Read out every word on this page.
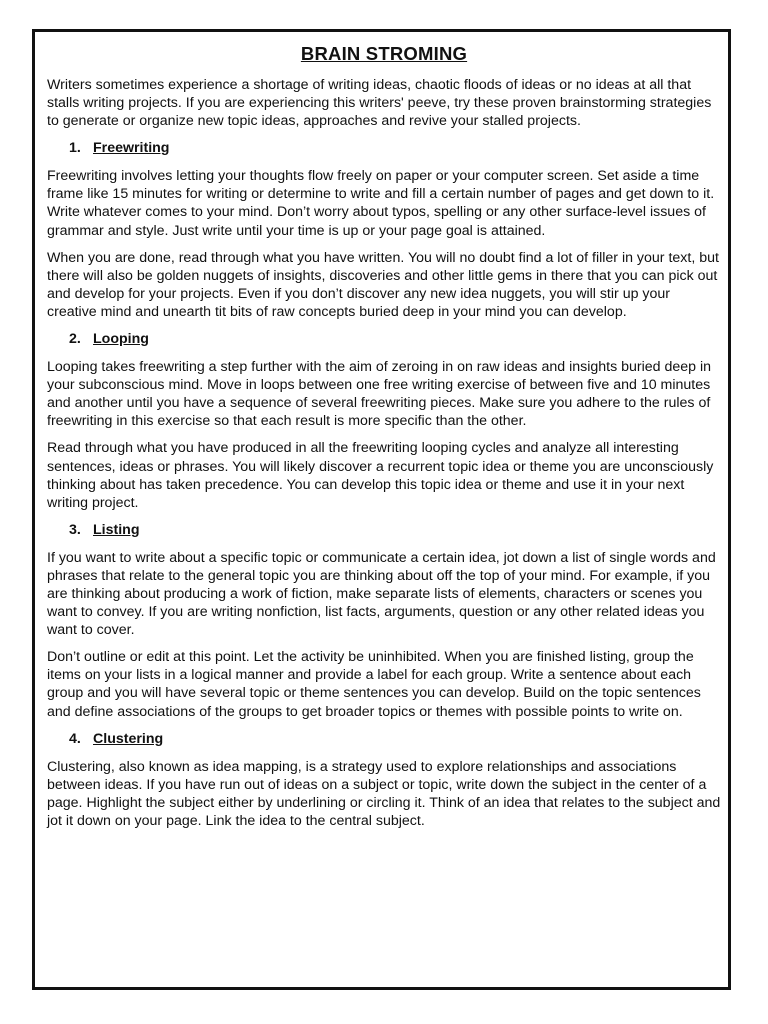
BRAIN STROMING

Writers sometimes experience a shortage of writing ideas, chaotic floods of ideas or no ideas at all that stalls writing projects. If you are experiencing this writers' peeve, try these proven brainstorming strategies to generate or organize new topic ideas, approaches and revive your stalled projects.

1. Freewriting

Freewriting involves letting your thoughts flow freely on paper or your computer screen. Set aside a time frame like 15 minutes for writing or determine to write and fill a certain number of pages and get down to it. Write whatever comes to your mind. Don’t worry about typos, spelling or any other surface-level issues of grammar and style. Just write until your time is up or your page goal is attained.

When you are done, read through what you have written. You will no doubt find a lot of filler in your text, but there will also be golden nuggets of insights, discoveries and other little gems in there that you can pick out and develop for your projects. Even if you don’t discover any new idea nuggets, you will stir up your creative mind and unearth tit bits of raw concepts buried deep in your mind you can develop.

2. Looping

Looping takes freewriting a step further with the aim of zeroing in on raw ideas and insights buried deep in your subconscious mind. Move in loops between one free writing exercise of between five and 10 minutes and another until you have a sequence of several freewriting pieces. Make sure you adhere to the rules of freewriting in this exercise so that each result is more specific than the other.

Read through what you have produced in all the freewriting looping cycles and analyze all interesting sentences, ideas or phrases. You will likely discover a recurrent topic idea or theme you are unconsciously thinking about has taken precedence. You can develop this topic idea or theme and use it in your next writing project.

3. Listing

If you want to write about a specific topic or communicate a certain idea, jot down a list of single words and phrases that relate to the general topic you are thinking about off the top of your mind. For example, if you are thinking about producing a work of fiction, make separate lists of elements, characters or scenes you want to convey. If you are writing nonfiction, list facts, arguments, question or any other related ideas you want to cover.

Don’t outline or edit at this point. Let the activity be uninhibited. When you are finished listing, group the items on your lists in a logical manner and provide a label for each group. Write a sentence about each group and you will have several topic or theme sentences you can develop. Build on the topic sentences and define associations of the groups to get broader topics or themes with possible points to write on.

4. Clustering

Clustering, also known as idea mapping, is a strategy used to explore relationships and associations between ideas. If you have run out of ideas on a subject or topic, write down the subject in the center of a page. Highlight the subject either by underlining or circling it. Think of an idea that relates to the subject and jot it down on your page. Link the idea to the central subject.
